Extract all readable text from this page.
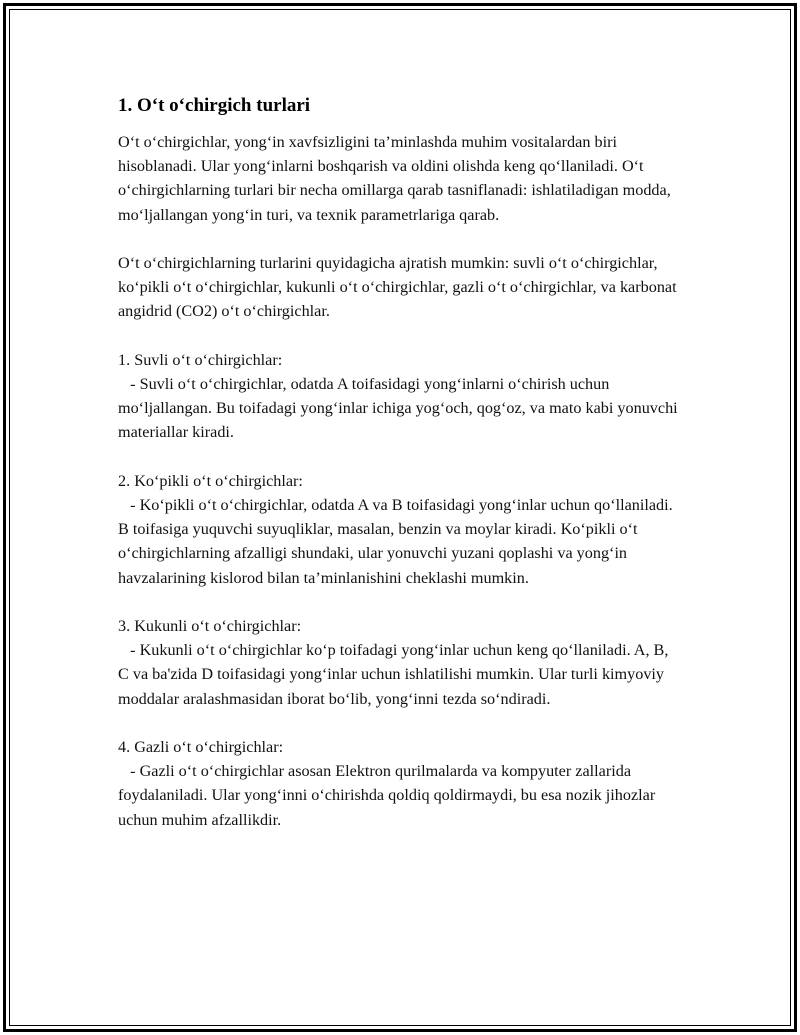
1. O‘t o‘chirgich turlari

O‘t o‘chirgichlar, yong‘in xavfsizligini ta’minlashda muhim vositalardan biri hisoblanadi. Ular yong‘inlarni boshqarish va oldini olishda keng qo‘llaniladi. O‘t o‘chirgichlarning turlari bir necha omillarga qarab tasniflanadi: ishlatiladigan modda, mo‘ljallangan yong‘in turi, va texnik parametrlariga qarab.

O‘t o‘chirgichlarning turlarini quyidagicha ajratish mumkin: suvli o‘t o‘chirgichlar, ko‘pikli o‘t o‘chirgichlar, kukunli o‘t o‘chirgichlar, gazli o‘t o‘chirgichlar, va karbonat angidrid (CO2) o‘t o‘chirgichlar.

1. Suvli o‘t o‘chirgichlar:

- Suvli o‘t o‘chirgichlar, odatda A toifasidagi yong‘inlarni o‘chirish uchun mo‘ljallangan. Bu toifadagi yong‘inlar ichiga yog‘och, qog‘oz, va mato kabi yonuvchi materiallar kiradi.

2. Ko‘pikli o‘t o‘chirgichlar:

- Ko‘pikli o‘t o‘chirgichlar, odatda A va B toifasidagi yong‘inlar uchun qo‘llaniladi. B toifasiga yuquvchi suyuqliklar, masalan, benzin va moylar kiradi. Ko‘pikli o‘t o‘chirgichlarning afzalligi shundaki, ular yonuvchi yuzani qoplashi va yong‘in havzalarining kislorod bilan ta’minlanishini cheklashi mumkin.

3. Kukunli o‘t o‘chirgichlar:

- Kukunli o‘t o‘chirgichlar ko‘p toifadagi yong‘inlar uchun keng qo‘llaniladi. A, B, C va ba'zida D toifasidagi yong‘inlar uchun ishlatilishi mumkin. Ular turli kimyoviy moddalar aralashmasidan iborat bo‘lib, yong‘inni tezda so‘ndiradi.

4. Gazli o‘t o‘chirgichlar:

- Gazli o‘t o‘chirgichlar asosan Elektron qurilmalarda va kompyuter zallarida foydalaniladi. Ular yong‘inni o‘chirishda qoldiq qoldirmaydi, bu esa nozik jihozlar uchun muhim afzallikdir.
